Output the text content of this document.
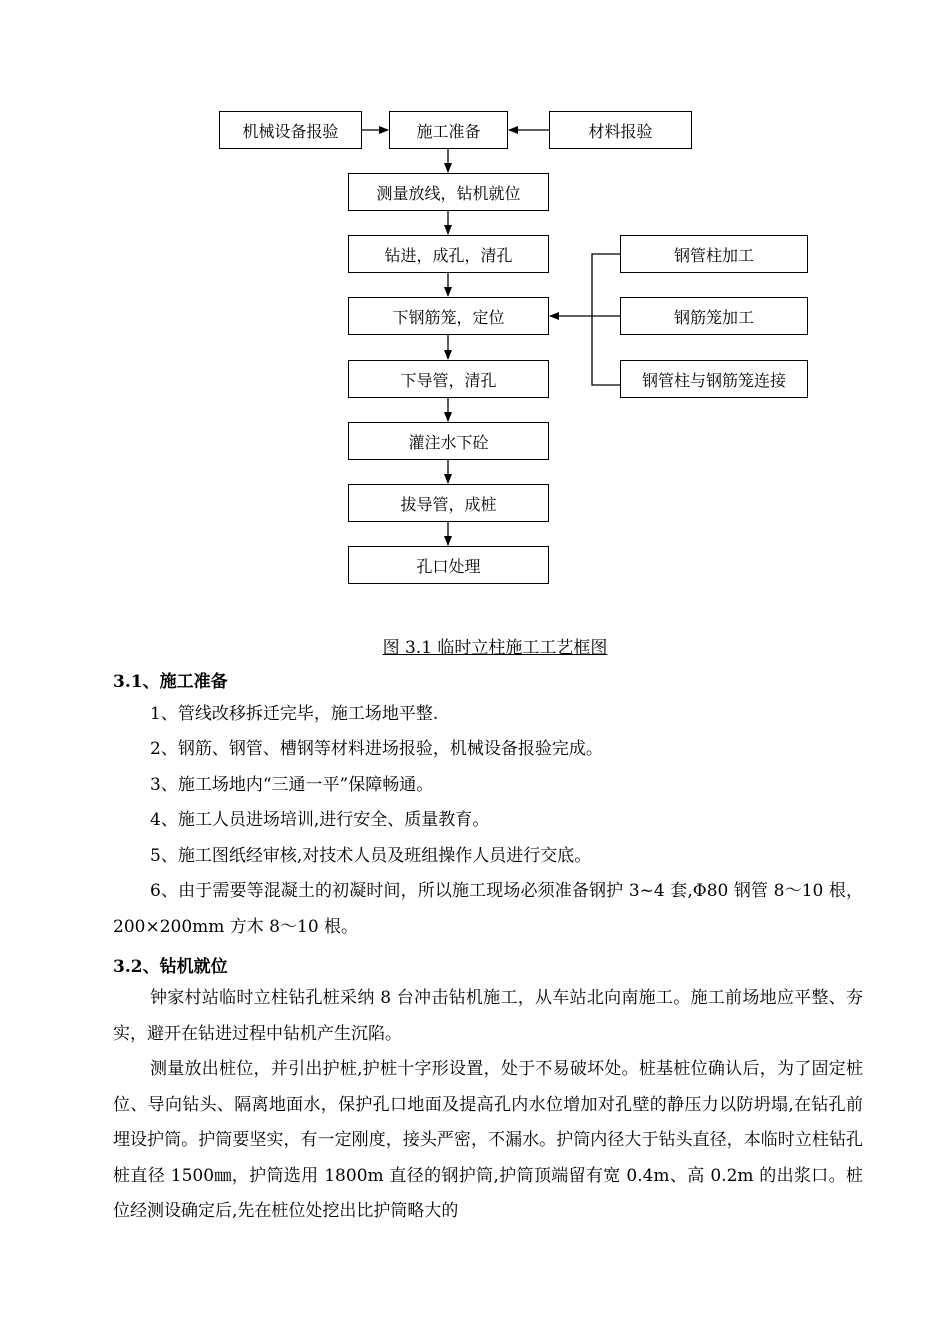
机械设备报验	施工准备	材料报验
测量放线，钻机就位
钻进，成孔，清孔
下钢筋笼，定位
下导管，清孔
灌注水下砼
拔导管，成桩
孔口处理
钢管柱加工
钢筋笼加工
钢管柱与钢筋笼连接
图 3.1 临时立柱施工工艺框图
3.1、施工准备
1、管线改移拆迁完毕，施工场地平整.
2、钢筋、钢管、槽钢等材料进场报验，机械设备报验完成。
3、施工场地内“三通一平”保障畅通。
4、施工人员进场培训,进行安全、质量教育。
5、施工图纸经审核,对技术人员及班组操作人员进行交底。
6、由于需要等混凝土的初凝时间，所以施工现场必须准备钢护 3~4 套,Φ80 钢管 8～10 根，200×200mm 方木 8～10 根。
3.2、钻机就位
钟家村站临时立柱钻孔桩采纳 8 台冲击钻机施工，从车站北向南施工。施工前场地应平整、夯实，避开在钻进过程中钻机产生沉陷。
测量放出桩位，并引出护桩,护桩十字形设置，处于不易破坏处。桩基桩位确认后，为了固定桩位、导向钻头、隔离地面水，保护孔口地面及提高孔内水位增加对孔壁的静压力以防坍塌,在钻孔前埋设护筒。护筒要坚实，有一定刚度，接头严密，不漏水。护筒内径大于钻头直径，本临时立柱钻孔桩直径 1500㎜，护筒选用 1800m 直径的钢护筒,护筒顶端留有宽 0.4m、高 0.2m 的出浆口。桩位经测设确定后,先在桩位处挖出比护筒略大的
